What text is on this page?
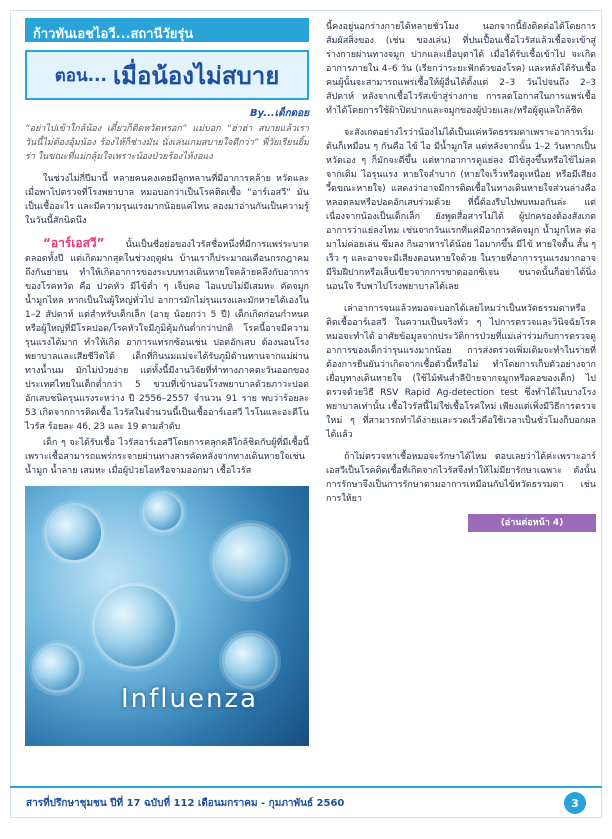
ก้าวทันเอชไอวี...สถานีวัยรุ่น
ตอน... เมื่อน้องไม่สบาย
By...เด็กดอย

“อย่าไปเข้าใกล้น้อง เดี๋ยวก็ติดหวัดหรอก” แม่บอก “ฮ่าฮ่า สบายแล้วเรา วันนี้ไม่ต้องอุ้มน้อง ร้องไห้ก็ช่างมัน นั่งเล่นเกมสบายใจดีกว่า” พี่วัยเรียนยิ้มร่า ในขณะที่แม่กลุ้มใจเพราะน้องป่วยร้องไห้งอแง

ในช่วงไม่กี่ปีมานี้ หลายคนคงเคยมีลูกหลานที่มีอาการคล้าย หวัดและเมื่อพาไปตรวจที่โรงพยาบาล หมอบอกว่าเป็นโรคติดเชื้อ “อาร์เอสวี” มันเป็นเชื้ออะไร และมีความรุนแรงมากน้อยแค่ไหน ลองมาอ่านกันเป็นความรู้ในวันนี้สักนิดนึง

“อาร์เอสวี” นั้นเป็นชื่อย่อของไวรัสชื่อหนึ่งที่มีการแพร่ระบาดตลอดทั้งปี แต่เกิดมากสุดในช่วงฤดูฝน บ้านเราก็ประมาณเดือนกรกฎาคมถึงกันยายน ทำให้เกิดอาการของระบบทางเดินหายใจคล้ายคลึงกับอาการของโรคหวัด คือ ปวดหัว มีไข้ต่ำ ๆ เจ็บคอ ไอแบบไม่มีเสมหะ คัดจมูกน้ำมูกไหล หากเป็นในผู้ใหญ่ทั่วไป อาการมักไม่รุนแรงและมักหายได้เองใน 1–2 สัปดาห์ แต่สำหรับเด็กเล็ก (อายุ น้อยกว่า 5 ปี) เด็กเกิดก่อนกำหนดหรือผู้ใหญ่ที่มีโรคปอด/โรคหัวใจมีภูมิคุ้มกันต่ำกว่าปกติ โรคนี้อาจมีความรุนแรงได้มาก ทำให้เกิด อาการแทรกซ้อนเช่น ปอดอักเสบ ต้องนอนโรงพยาบาลและเสียชีวิตได้ เด็กที่กินนมแม่จะได้รับภูมิต้านทานจากแม่ผ่านทางน้ำนม มักไม่ป่วยง่าย แต่ทั้งนี้มีงานวิจัยที่ทำทางภาคตะวันออกของประเทศไทยในเด็กต่ำกว่า 5 ขวบที่เข้านอนโรงพยาบาลด้วยภาวะปอดอักเสบชนิดรุนแรงระหว่าง ปี 2556–2557 จำนวน 91 ราย พบว่าร้อยละ 53 เกิดจากการติดเชื้อ ไวรัสในจำนวนนี้เป็นเชื้ออาร์เอสวี ไรโนและอะดีโนไวรัส ร้อยละ 46, 23 และ 19 ตามลำดับ

เด็ก ๆ จะได้รับเชื้อ ไวรัสอาร์เอสวีโดยการคลุกคลีใกล้ชิดกับผู้ที่มีเชื้อนี้ เพราะเชื้อสามารถแพร่กระจายผ่านทางสารคัดหลั่งจากทางเดินหายใจเช่น น้ำมูก น้ำลาย เสมหะ เมื่อผู้ป่วยไอหรือจามออกมา เชื้อไวรัส

Influenza

นี้คงอยู่นอกร่างกายได้หลายชั่วโมง นอกจากนี้ยังติดต่อได้โดยการสัมผัสสิ่งของ (เช่น ของเล่น) ที่ปนเปื้อนเชื้อไวรัสแล้วเชื้อจะเข้าสู่ร่างกายผ่านทางจมูก ปากและเยื่อบุตาได้ เมื่อได้รับเชื้อเข้าไป จะเกิดอาการภายใน 4–6 วัน (เรียกว่าระยะฟักตัวของโรค) และหลังได้รับเชื้อคนผู้นั้นจะสามารถแพร่เชื้อให้ผู้อื่นได้ตั้งแต่ 2–3 วันไปจนถึง 2–3 สัปดาห์ หลังจากเชื้อไวรัสเข้าสู่ร่างกาย การลดโอกาสในการแพร่เชื้อทำได้โดยการใช้ผ้าปิดปากและจมูกของผู้ป่วยและ/หรือผู้ดูแลใกล้ชิด

จะสังเกตอย่างไรว่าน้องไม่ได้เป็นแค่หวัดธรรมดาเพราะอาการเริ่มต้นก็เหมือน ๆ กันคือ ไข้ ไอ มีน้ำมูกใส แต่หลังจากนั้น 1–2 วันหากเป็นหวัดเอง ๆ ก็มักจะดีขึ้น แต่หากอาการดูแย่ลง มีไข้สูงขึ้นหรือไข้ไม่ลดจากเดิม ไอรุนแรง หายใจลำบาก (หายใจเร็วหรือดูเหนื่อย หรือมีเสียงวี้ดขณะหายใจ) แสดงว่าอาจมีการติดเชื้อในทางเดินหายใจส่วนล่างคือหลอดลมหรือปอดอักเสบร่วมด้วย ที่นี้ต้องรีบไปพบหมอกันล่ะ แต่เนื่องจากน้องเป็นเด็กเล็ก ยังพูดสื่อสารไม่ได้ ผู้ปกครองต้องสังเกตอาการว่าแย่ลงไหม เช่นจากวันแรกที่แค่มีอาการคัดจมูก น้ำมูกไหล ต่อมาไม่ค่อยเล่น ซึมลง กินอาหารได้น้อย ไอมากขึ้น มีไข้ หายใจตื้น สั้น ๆ เร็ว ๆ และอาจจะมีเสียงตอนหายใจด้วย ในรายที่อาการรุนแรงมากอาจมีริมฝีปากหรือเล็บเขียวจากการขาดออกซิเจน ขนาดนั้นก็อย่าได้นิ่งนอนใจ รีบพาไปโรงพยาบาลได้เลย

เล่าอาการจนแล้วหมอจะบอกได้เลยไหมว่าเป็นหวัดธรรมดาหรือติดเชื้ออาร์เอสวี ในความเป็นจริงทั่ว ๆ ไปการตรวจและวินิจฉัยโรค หมอจะทำได้ อาศัยข้อมูลจากประวัติการป่วยที่แม่เล่าร่วมกับการตรวจดูอาการของเด็กว่ารุนแรงมากน้อย การส่งตรวจเพิ่มเติมจะทำในรายที่ต้องการยืนยันว่าเกิดจากเชื้อตัวนี้หรือไม่ ทำโดยการเก็บตัวอย่างจากเยื่อบุทางเดินหายใจ (ใช้ไม้พันสำลีป้ายจากจมูกหรือคอของเด็ก) ไปตรวจด้วยวิธี RSV Rapid Ag-detection test ซึ่งทำได้ในบางโรงพยาบาลเท่านั้น เชื้อไวรัสนี้ไม่ใช่เชื้อโรคใหม่ เพียงแต่เพิ่งมีวิธีการตรวจใหม่ ๆ ที่สามารถทำได้ง่ายและรวดเร็วคือใช้เวลาเป็นชั่วโมงก็บอกผลได้แล้ว

ถ้าไม่ตรวจหาเชื้อหมอจะรักษาได้ไหม ตอบเลยว่าได้ค่ะเพราะอาร์เอสวีเป็นโรคติดเชื้อที่เกิดจากไวรัสจึงทำให้ไม่มียารักษาเฉพาะ ดังนั้นการรักษาจึงเป็นการรักษาตามอาการเหมือนกับไข้หวัดธรรมดา เช่น การให้ยา

(อ่านต่อหน้า 4)
สารที่ปรึกษาชุมชน ปีที่ 17 ฉบับที่ 112 เดือนมกราคม - กุมภาพันธ์ 2560	3
